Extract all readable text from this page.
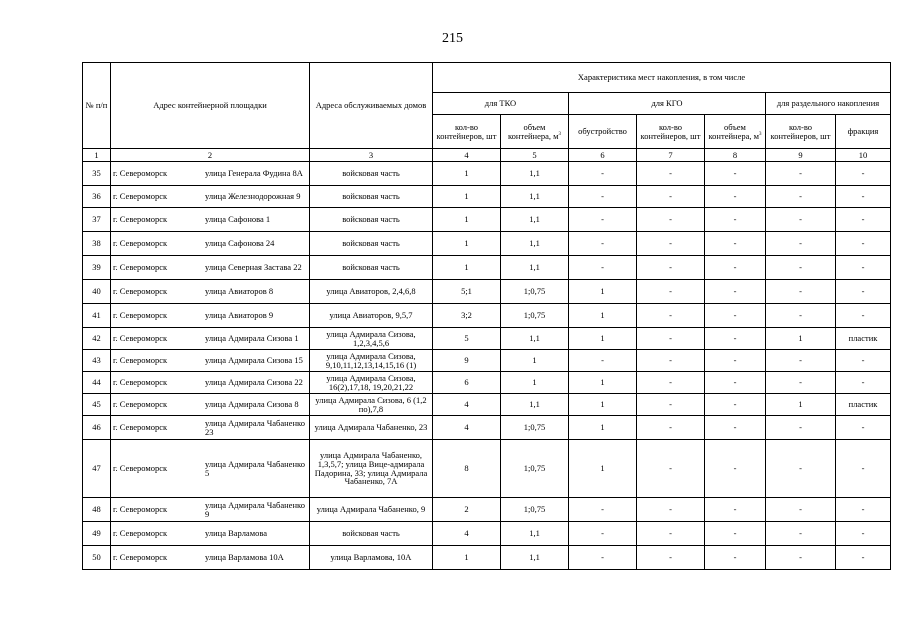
215
№ п/п	Адрес контейнерной площадки	Адреса обслуживаемых домов	Характеристика мест накопления, в том числе						
			для ТКО		для КГО			для раздельного накопления	
			кол-во контейнеров, шт	объем контейнера, $м^3$	обустройство	кол-во контейнеров, шт	объем контейнера, $м^3$	кол-во контейнеров, шт	фракция
1	2	3	4	5	6	7	8	9	10
35	г. Североморск улица Генерала Фудина 8А	войсковая часть	1	1,1	-	-	-	-	-
36	г. Североморск улица Железнодорожная 9	войсковая часть	1	1,1	-	-	-	-	-
37	г. Североморск улица Сафонова 1	войсковая часть	1	1,1	-	-	-	-	-
38	г. Североморск улица Сафонова 24	войсковая часть	1	1,1	-	-	-	-	-
39	г. Североморск улица Северная Застава 22	войсковая часть	1	1,1	-	-	-	-	-
40	г. Североморск улица Авиаторов 8	улица Авиаторов, 2,4,6,8	5;1	1;0,75	1	-	-	-	-
41	г. Североморск улица Авиаторов 9	улица Авиаторов, 9,5,7	3;2	1;0,75	1	-	-	-	-
42	г. Североморск улица Адмирала Сизова 1	улица Адмирала Сизова, 1,2,3,4,5,6	5	1,1	1	-	-	1	пластик
43	г. Североморск улица Адмирала Сизова 15	улица Адмирала Сизова, 9,10,11,12,13,14,15,16 (1)	9	1	-	-	-	-	-
44	г. Североморск улица Адмирала Сизова 22	улица Адмирала Сизова, 16(2),17,18, 19,20,21,22	6	1	1	-	-	-	-
45	г. Североморск улица Адмирала Сизова 8	улица Адмирала Сизова, 6 (1,2 по),7,8	4	1,1	1	-	-	1	пластик
46	г. Североморск улица Адмирала Чабаненко 23	улица Адмирала Чабаненко, 23	4	1;0,75	1	-	-	-	-
47	г. Североморск улица Адмирала Чабаненко 5	улица Адмирала Чабаненко, 1,3,5,7; улица Вице-адмирала Падорина, 33; улица Адмирала Чабаненко, 7А	8	1;0,75	1	-	-	-	-
48	г. Североморск улица Адмирала Чабаненко 9	улица Адмирала Чабаненко, 9	2	1;0,75	-	-	-	-	-
49	г. Североморск улица Варламова	войсковая часть	4	1,1	-	-	-	-	-
50	г. Североморск улица Варламова 10А	улица Варламова, 10А	1	1,1	-	-	-	-	-
